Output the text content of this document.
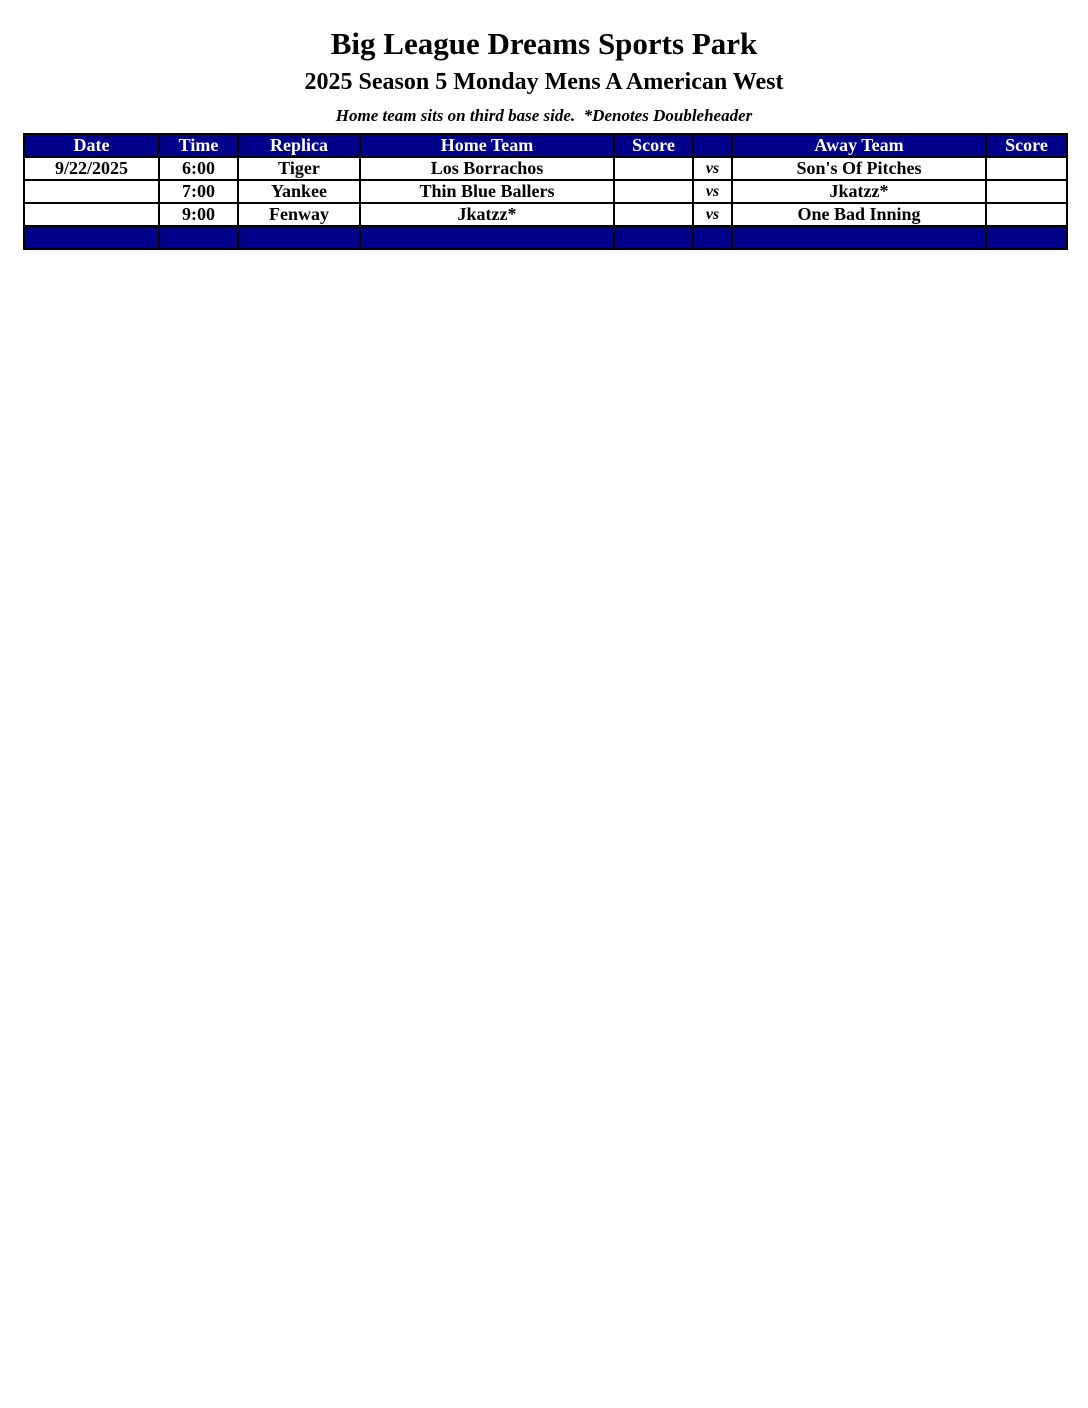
Big League Dreams Sports Park
2025 Season 5 Monday Mens A American West
Home team sits on third base side.  *Denotes Doubleheader
Date	Time	Replica	Home Team	Score		Away Team	Score
9/22/2025	6:00	Tiger	Los Borrachos		vs	Son's Of Pitches	
	7:00	Yankee	Thin Blue Ballers		vs	Jkatzz*	
	9:00	Fenway	Jkatzz*		vs	One Bad Inning	
